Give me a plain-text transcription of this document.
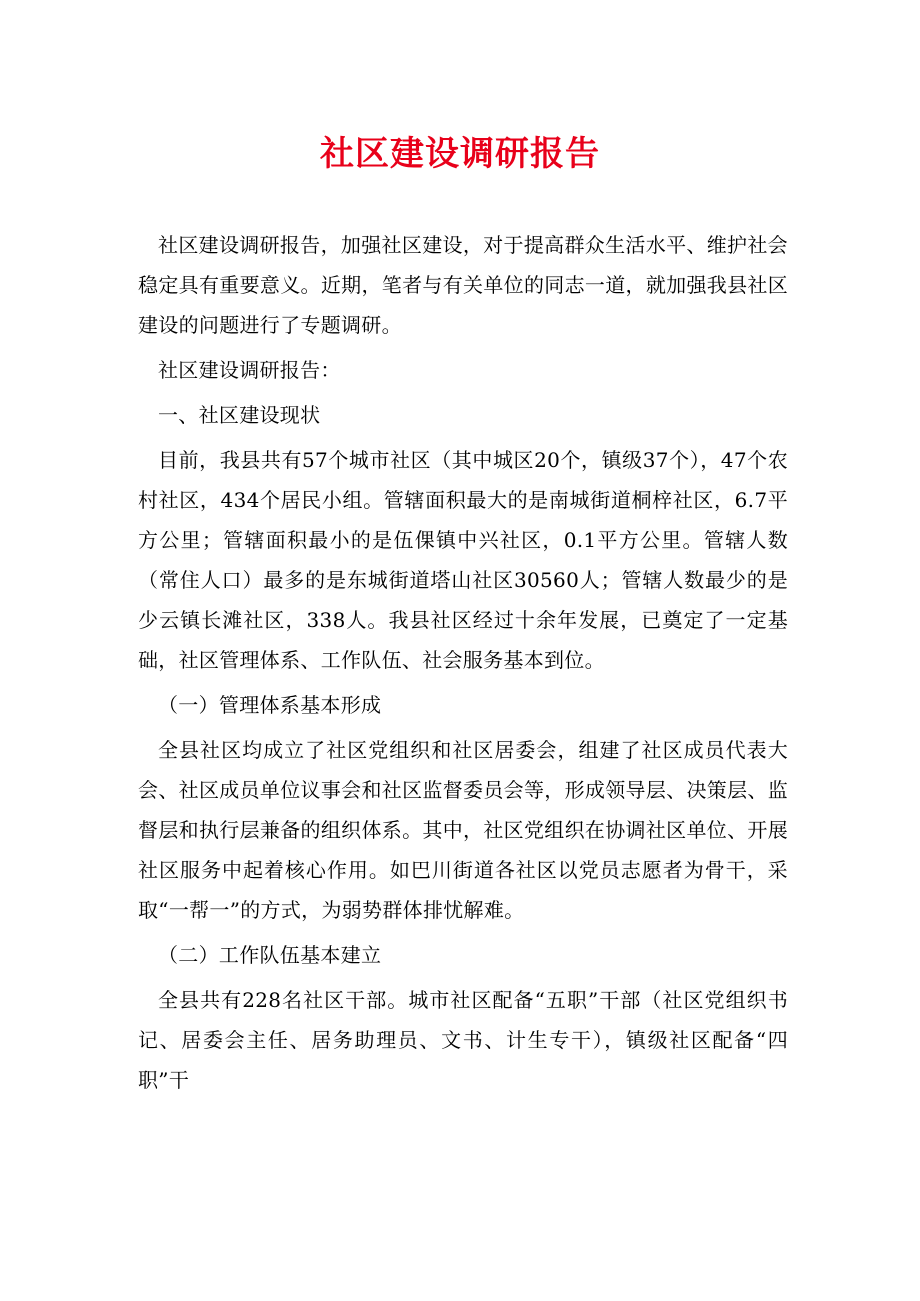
社区建设调研报告

社区建设调研报告，加强社区建设，对于提高群众生活水平、维护社会稳定具有重要意义。近期，笔者与有关单位的同志一道，就加强我县社区建设的问题进行了专题调研。

社区建设调研报告：

一、社区建设现状

目前，我县共有57个城市社区（其中城区20个，镇级37个），47个农村社区，434个居民小组。管辖面积最大的是南城街道桐梓社区，6.7平方公里；管辖面积最小的是伍倮镇中兴社区，0.1平方公里。管辖人数（常住人口）最多的是东城街道塔山社区30560人；管辖人数最少的是少云镇长滩社区，338人。我县社区经过十余年发展，已奠定了一定基础，社区管理体系、工作队伍、社会服务基本到位。

（一）管理体系基本形成

全县社区均成立了社区党组织和社区居委会，组建了社区成员代表大会、社区成员单位议事会和社区监督委员会等，形成领导层、决策层、监督层和执行层兼备的组织体系。其中，社区党组织在协调社区单位、开展社区服务中起着核心作用。如巴川街道各社区以党员志愿者为骨干，采取“一帮一”的方式，为弱势群体排忧解难。

（二）工作队伍基本建立

全县共有228名社区干部。城市社区配备“五职”干部（社区党组织书记、居委会主任、居务助理员、文书、计生专干），镇级社区配备“四职”干
